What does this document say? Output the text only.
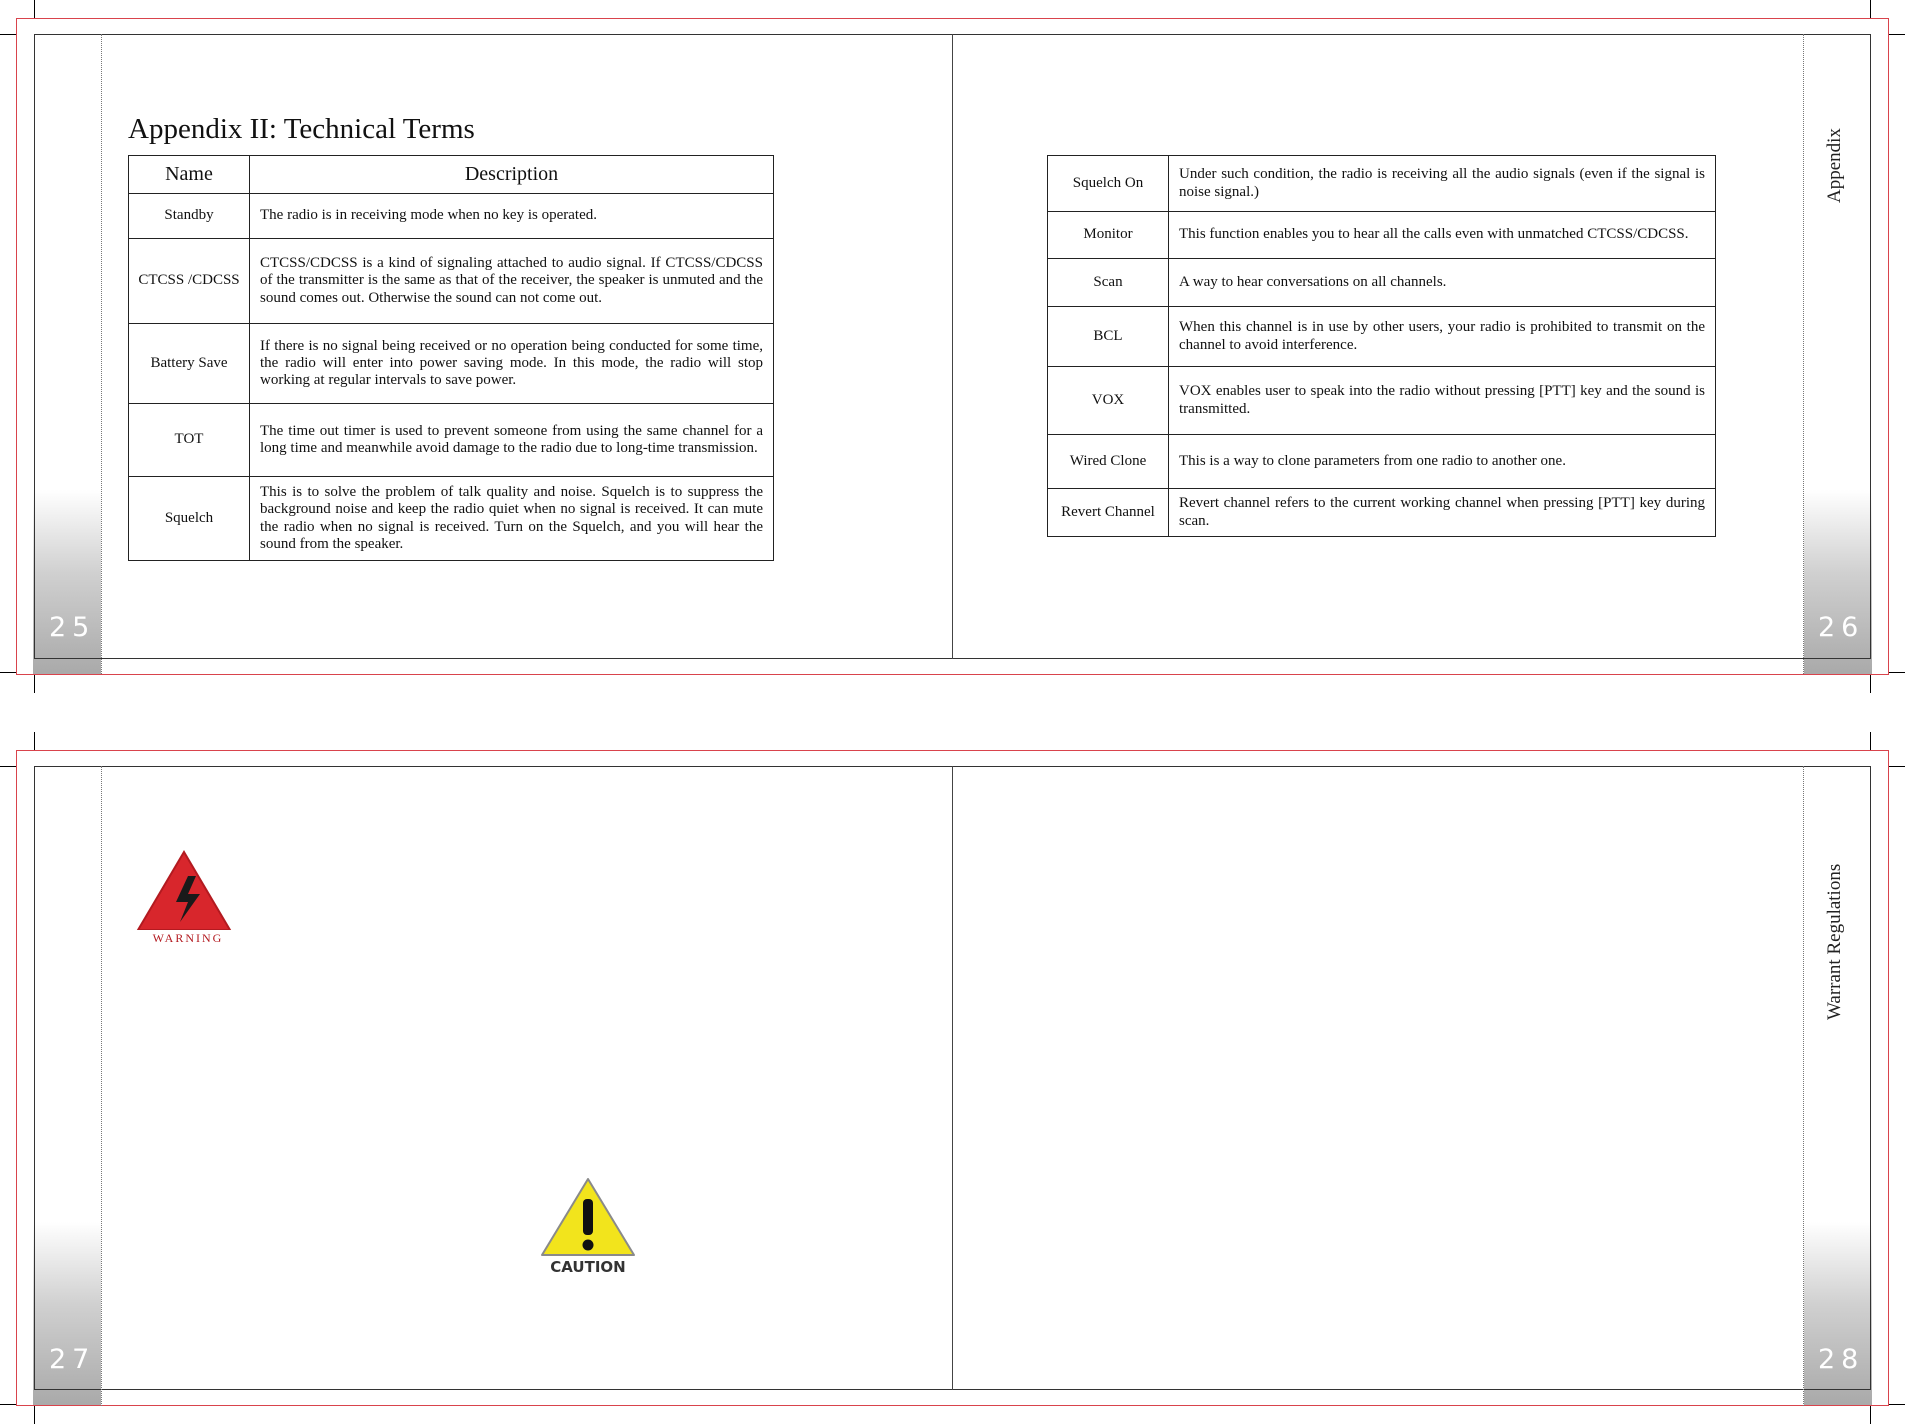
25	26
Appendix
Appendix II: Technical Terms
Name	Description
Standby	The radio is in receiving mode when no key is operated.
CTCSS /CDCSS	CTCSS/CDCSS is a kind of signaling attached to audio signal. If CTCSS/CDCSS of the transmitter is the same as that of the receiver, the speaker is unmuted and the sound comes out. Otherwise the sound can not come out.
Battery Save	If there is no signal being received or no operation being conducted for some time, the radio will enter into power saving mode. In this mode, the radio will stop working at regular intervals to save power.
TOT	The time out timer is used to prevent someone from using the same channel for a long time and meanwhile avoid damage to the radio due to long-time transmission.
Squelch	This is to solve the problem of talk quality and noise. Squelch is to suppress the background noise and keep the radio quiet when no signal is received. It can mute the radio when no signal is received. Turn on the Squelch, and you will hear the sound from the speaker.
Squelch On	Under such condition, the radio is receiving all the audio signals (even if the signal is noise signal.)
Monitor	This function enables you to hear all the calls even with unmatched CTCSS/CDCSS.
Scan	A way to hear conversations on all channels.
BCL	When this channel is in use by other users, your radio is prohibited to transmit on the channel to avoid interference.
VOX	VOX enables user to speak into the radio without pressing [PTT] key and the sound is transmitted.
Wired Clone	This is a way to clone parameters from one radio to another one.
Revert Channel	Revert channel refers to the current working channel when pressing [PTT] key during scan.
27	28
Warrant Regulations
WARNING
CAUTION
